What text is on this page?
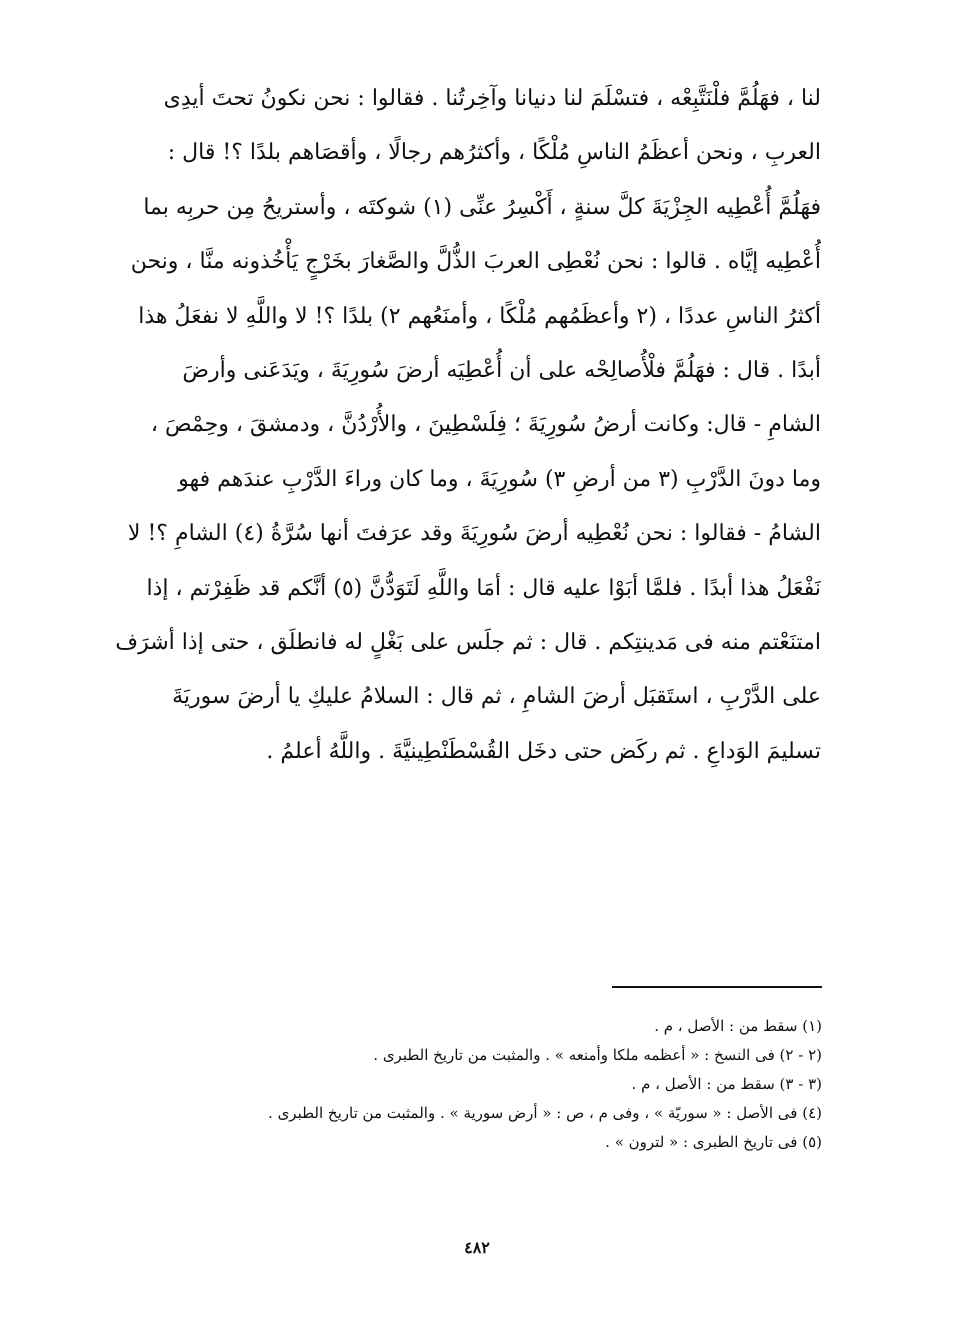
لنا ، فهَلُمَّ فلْنَتَّبِعْه ، فتسْلَمَ لنا دنيانا وآخِرتُنا . فقالوا : نحن نكونُ تحتَ أيدِى
العربِ ، ونحن أعظَمُ الناسِ مُلْكًا ، وأكثرُهم رجالًا ، وأقصَاهم بلدًا ؟! قال :
فهَلُمَّ أُعْطِيه الجِزْيَةَ كلَّ سنةٍ ، أَكْسِرُ عنِّى (١) شوكتَه ، وأستريحُ مِن حربِه بما
أُعْطِيه إيَّاه . قالوا : نحن نُعْطِى العربَ الذُّلَّ والصَّغارَ بخَرْجٍ يَأْخُذونه منَّا ، ونحن
أكثرُ الناسِ عددًا ، (٢ وأعظَمُهم مُلْكًا ، وأمنَعُهم ٢) بلدًا ؟! لا واللَّهِ لا نفعَلُ هذا
أبدًا . قال : فهَلُمَّ فلْأُصالِحْه على أن أُعْطِيَه أرضَ سُورِيَةَ ، ويَدَعَنى وأرضَ
الشامِ - قال: وكانت أرضُ سُورِيَةَ ؛ فِلَسْطِينَ ، والأُرْدُنَّ ، ودمشقَ ، وحِمْصَ ،
وما دونَ الدَّرْبِ (٣ من أرضِ ٣) سُورِيَةَ ، وما كان وراءَ الدَّرْبِ عندَهم فهو
الشامُ - فقالوا : نحن نُعْطِيه أرضَ سُورِيَةَ وقد عرَفتَ أنها سُرَّةُ (٤) الشامِ ؟! لا
نَفْعَلُ هذا أبدًا . فلمَّا أبَوْا عليه قال : أمَا واللَّهِ لَتَوَدُّنَّ (٥) أنَّكم قد ظَفِرْتم ، إذا
امتنَعْتم منه فى مَدينتِكم . قال : ثم جلَس على بَغْلٍ له فانطلَق ، حتى إذا أشرَف
على الدَّرْبِ ، استَقبَل أرضَ الشامِ ، ثم قال : السلامُ عليكِ يا أرضَ سوريَةَ
تسليمَ الوَداعِ . ثم ركَض حتى دخَل القُسْطَنْطِينيَّةَ . واللَّهُ أعلمُ .
(١) سقط من : الأصل ، م .
(٢ - ٢) فى النسخ : « أعظمه ملكا وأمنعه » . والمثبت من تاريخ الطبرى .
(٣ - ٣) سقط من : الأصل ، م .
(٤) فى الأصل : « سوريّة » ، وفى م ، ص : « أرض سورية » . والمثبت من تاريخ الطبرى .
(٥) فى تاريخ الطبرى : « لترون » .
٤٨٢
